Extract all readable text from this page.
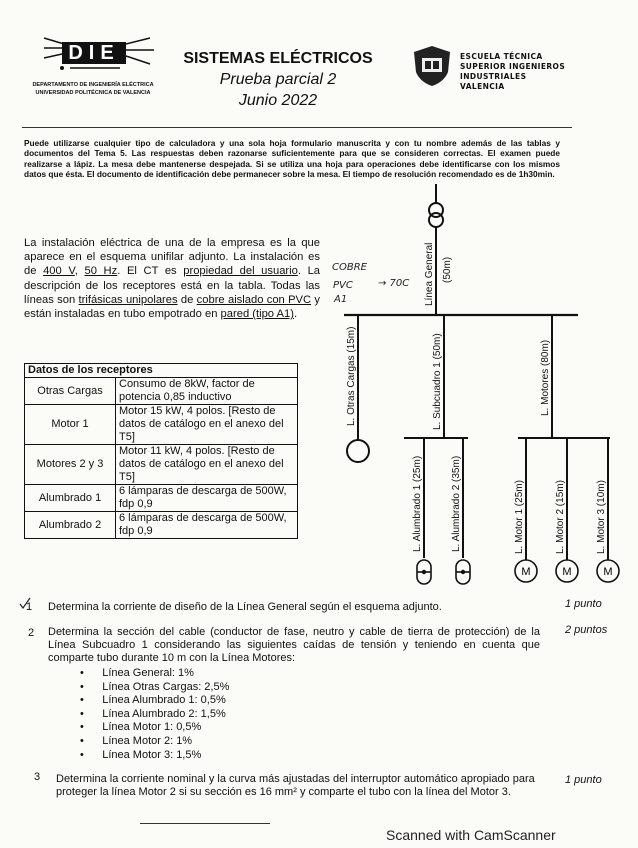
DIE
DEPARTAMENTO DE INGENIERÍA ELÉCTRICA
UNIVERSIDAD POLITÉCNICA DE VALENCIA
SISTEMAS ELÉCTRICOS
Prueba parcial 2
Junio 2022
ESCUELA TÉCNICA
SUPERIOR INGENIEROS
INDUSTRIALES VALENCIA
Puede utilizarse cualquier tipo de calculadora y una sola hoja formulario manuscrita y con tu nombre además de las tablas y documentos del Tema 5. Las respuestas deben razonarse suficientemente para que se consideren correctas. El examen puede realizarse a lápiz. La mesa debe mantenerse despejada. Si se utiliza una hoja para operaciones debe identificarse con los mismos datos que ésta. El documento de identificación debe permanecer sobre la mesa. El tiempo de resolución recomendado es de 1h30min.
La instalación eléctrica de una de la empresa es la que aparece en el esquema unifilar adjunto. La instalación es de 400 V, 50 Hz. El CT es propiedad del usuario. La descripción de los receptores está en la tabla. Todas las líneas son trifásicas unipolares de cobre aislado con PVC y están instaladas en tubo empotrado en pared (tipo A1).
COBRE
PVC	→ 70C
A1
Datos de los receptores	
Otras Cargas	Consumo de 8kW, factor de potencia 0,85 inductivo
Motor 1	Motor 15 kW, 4 polos. [Resto de datos de catálogo en el anexo del T5]
Motores 2 y 3	Motor 11 kW, 4 polos. [Resto de datos de catálogo en el anexo del T5]
Alumbrado 1	6 lámparas de descarga de 500W, fdp 0,9
Alumbrado 2	6 lámparas de descarga de 500W, fdp 0,9
M	M	M
Línea General (50m)
L. Otras Cargas (15m)	L. Subcuadro 1 (50m)	L. Motores (80m)
L. Alumbrado 1 (25m)	L. Alumbrado 2 (35m)	L. Motor 1 (25m)	L. Motor 2 (15m)	L. Motor 3 (10m)
1 Determina la corriente de diseño de la Línea General según el esquema adjunto.	1 punto
2 Determina la sección del cable (conductor de fase, neutro y cable de tierra de protección) de la Línea Subcuadro 1 considerando las siguientes caídas de tensión y teniendo en cuenta que comparte tubo durante 10 m con la Línea Motores:
2 puntos
•      Línea General: 1%
•      Línea Otras Cargas: 2,5%
•      Línea Alumbrado 1: 0,5%
•      Línea Alumbrado 2: 1,5%
•      Línea Motor 1: 0,5%
•      Línea Motor 2: 1%
•      Línea Motor 3: 1,5%
3 Determina la corriente nominal y la curva más ajustadas del interruptor automático apropiado para proteger la línea Motor 2 si su sección es 16 mm² y comparte el tubo con la línea del Motor 3.
1 punto
Scanned with CamScanner
